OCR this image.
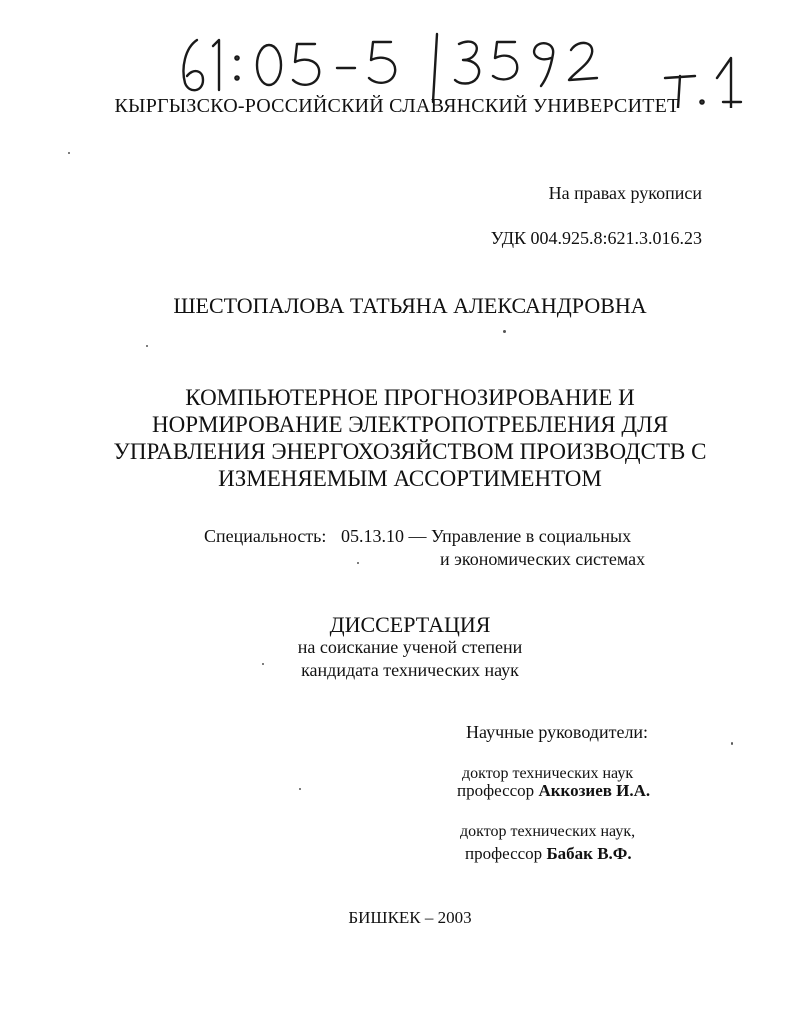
КЫРГЫЗСКО-РОССИЙСКИЙ СЛАВЯНСКИЙ УНИВЕРСИТЕТ
На правах рукописи
УДК 004.925.8:621.3.016.23
ШЕСТОПАЛОВА ТАТЬЯНА АЛЕКСАНДРОВНА
КОМПЬЮТЕРНОЕ ПРОГНОЗИРОВАНИЕ И
НОРМИРОВАНИЕ ЭЛЕКТРОПОТРЕБЛЕНИЯ ДЛЯ
УПРАВЛЕНИЯ ЭНЕРГОХОЗЯЙСТВОМ ПРОИЗВОДСТВ С
ИЗМЕНЯЕМЫМ АССОРТИМЕНТОМ
Специальность: 05.13.10 — Управление в социальных
и экономических системах
ДИССЕРТАЦИЯ
на соискание ученой степени
кандидата технических наук
Научные руководители:
доктор технических наук
профессор Аккозиев И.А.
доктор технических наук,
профессор Бабак В.Ф.
БИШКЕК – 2003
